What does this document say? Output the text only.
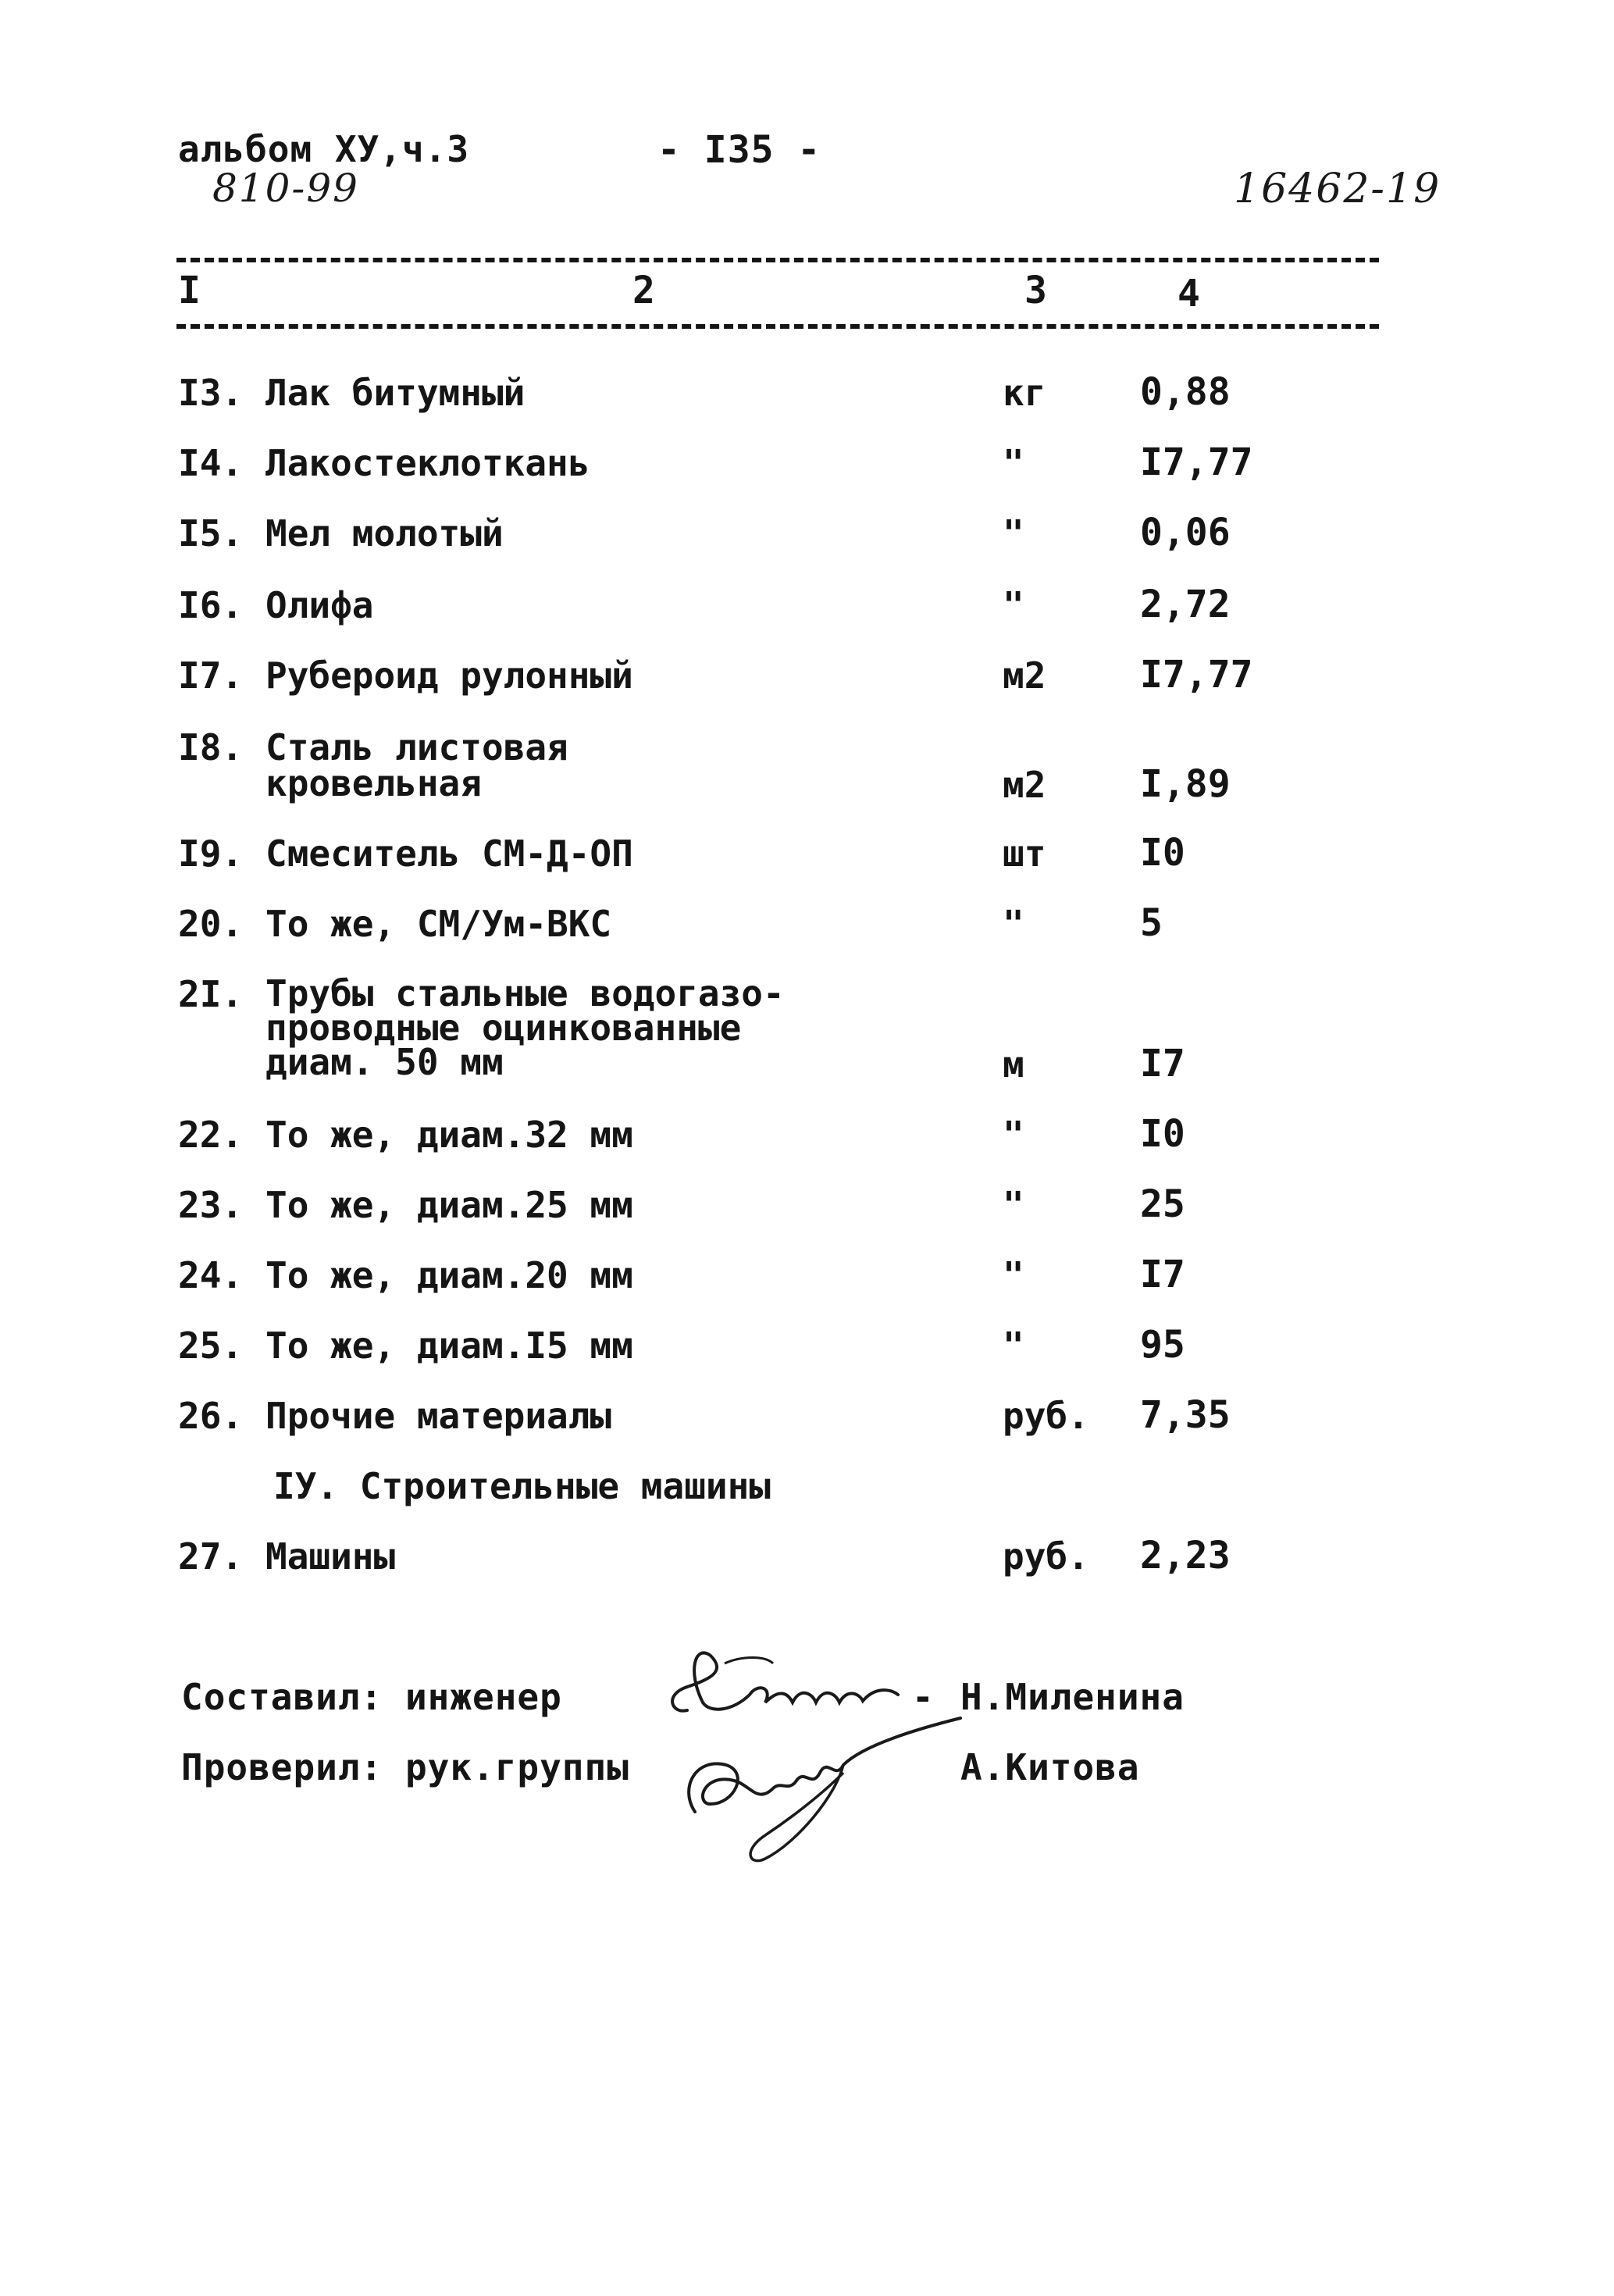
альбом ХУ,ч.3	- I35 -
810-99	16462-19
I	2	3	4
I3. Лак битумный	кг	0,88
I4. Лакостеклоткань	"	I7,77
I5. Мел молотый	"	0,06
I6. Олифа	"	2,72
I7. Рубероид рулонный	м2	I7,77
I8. Сталь листовая
кровельная	м2	I,89
I9. Смеситель СМ-Д-ОП	шт	I0
20. То же, СМ/Ум-ВКС	"	5
2I. Трубы стальные водогазо-
проводные оцинкованные
диам. 50 мм	м	I7
22. То же, диам.32 мм	"	I0
23. То же, диам.25 мм	"	25
24. То же, диам.20 мм	"	I7
25. То же, диам.I5 мм	"	95
26. Прочие материалы	руб. 7,35
IУ. Строительные машины
27. Машины	руб. 2,23
Составил: инженер	- Н.Миленина
Проверил: рук.группы	А.Китова
